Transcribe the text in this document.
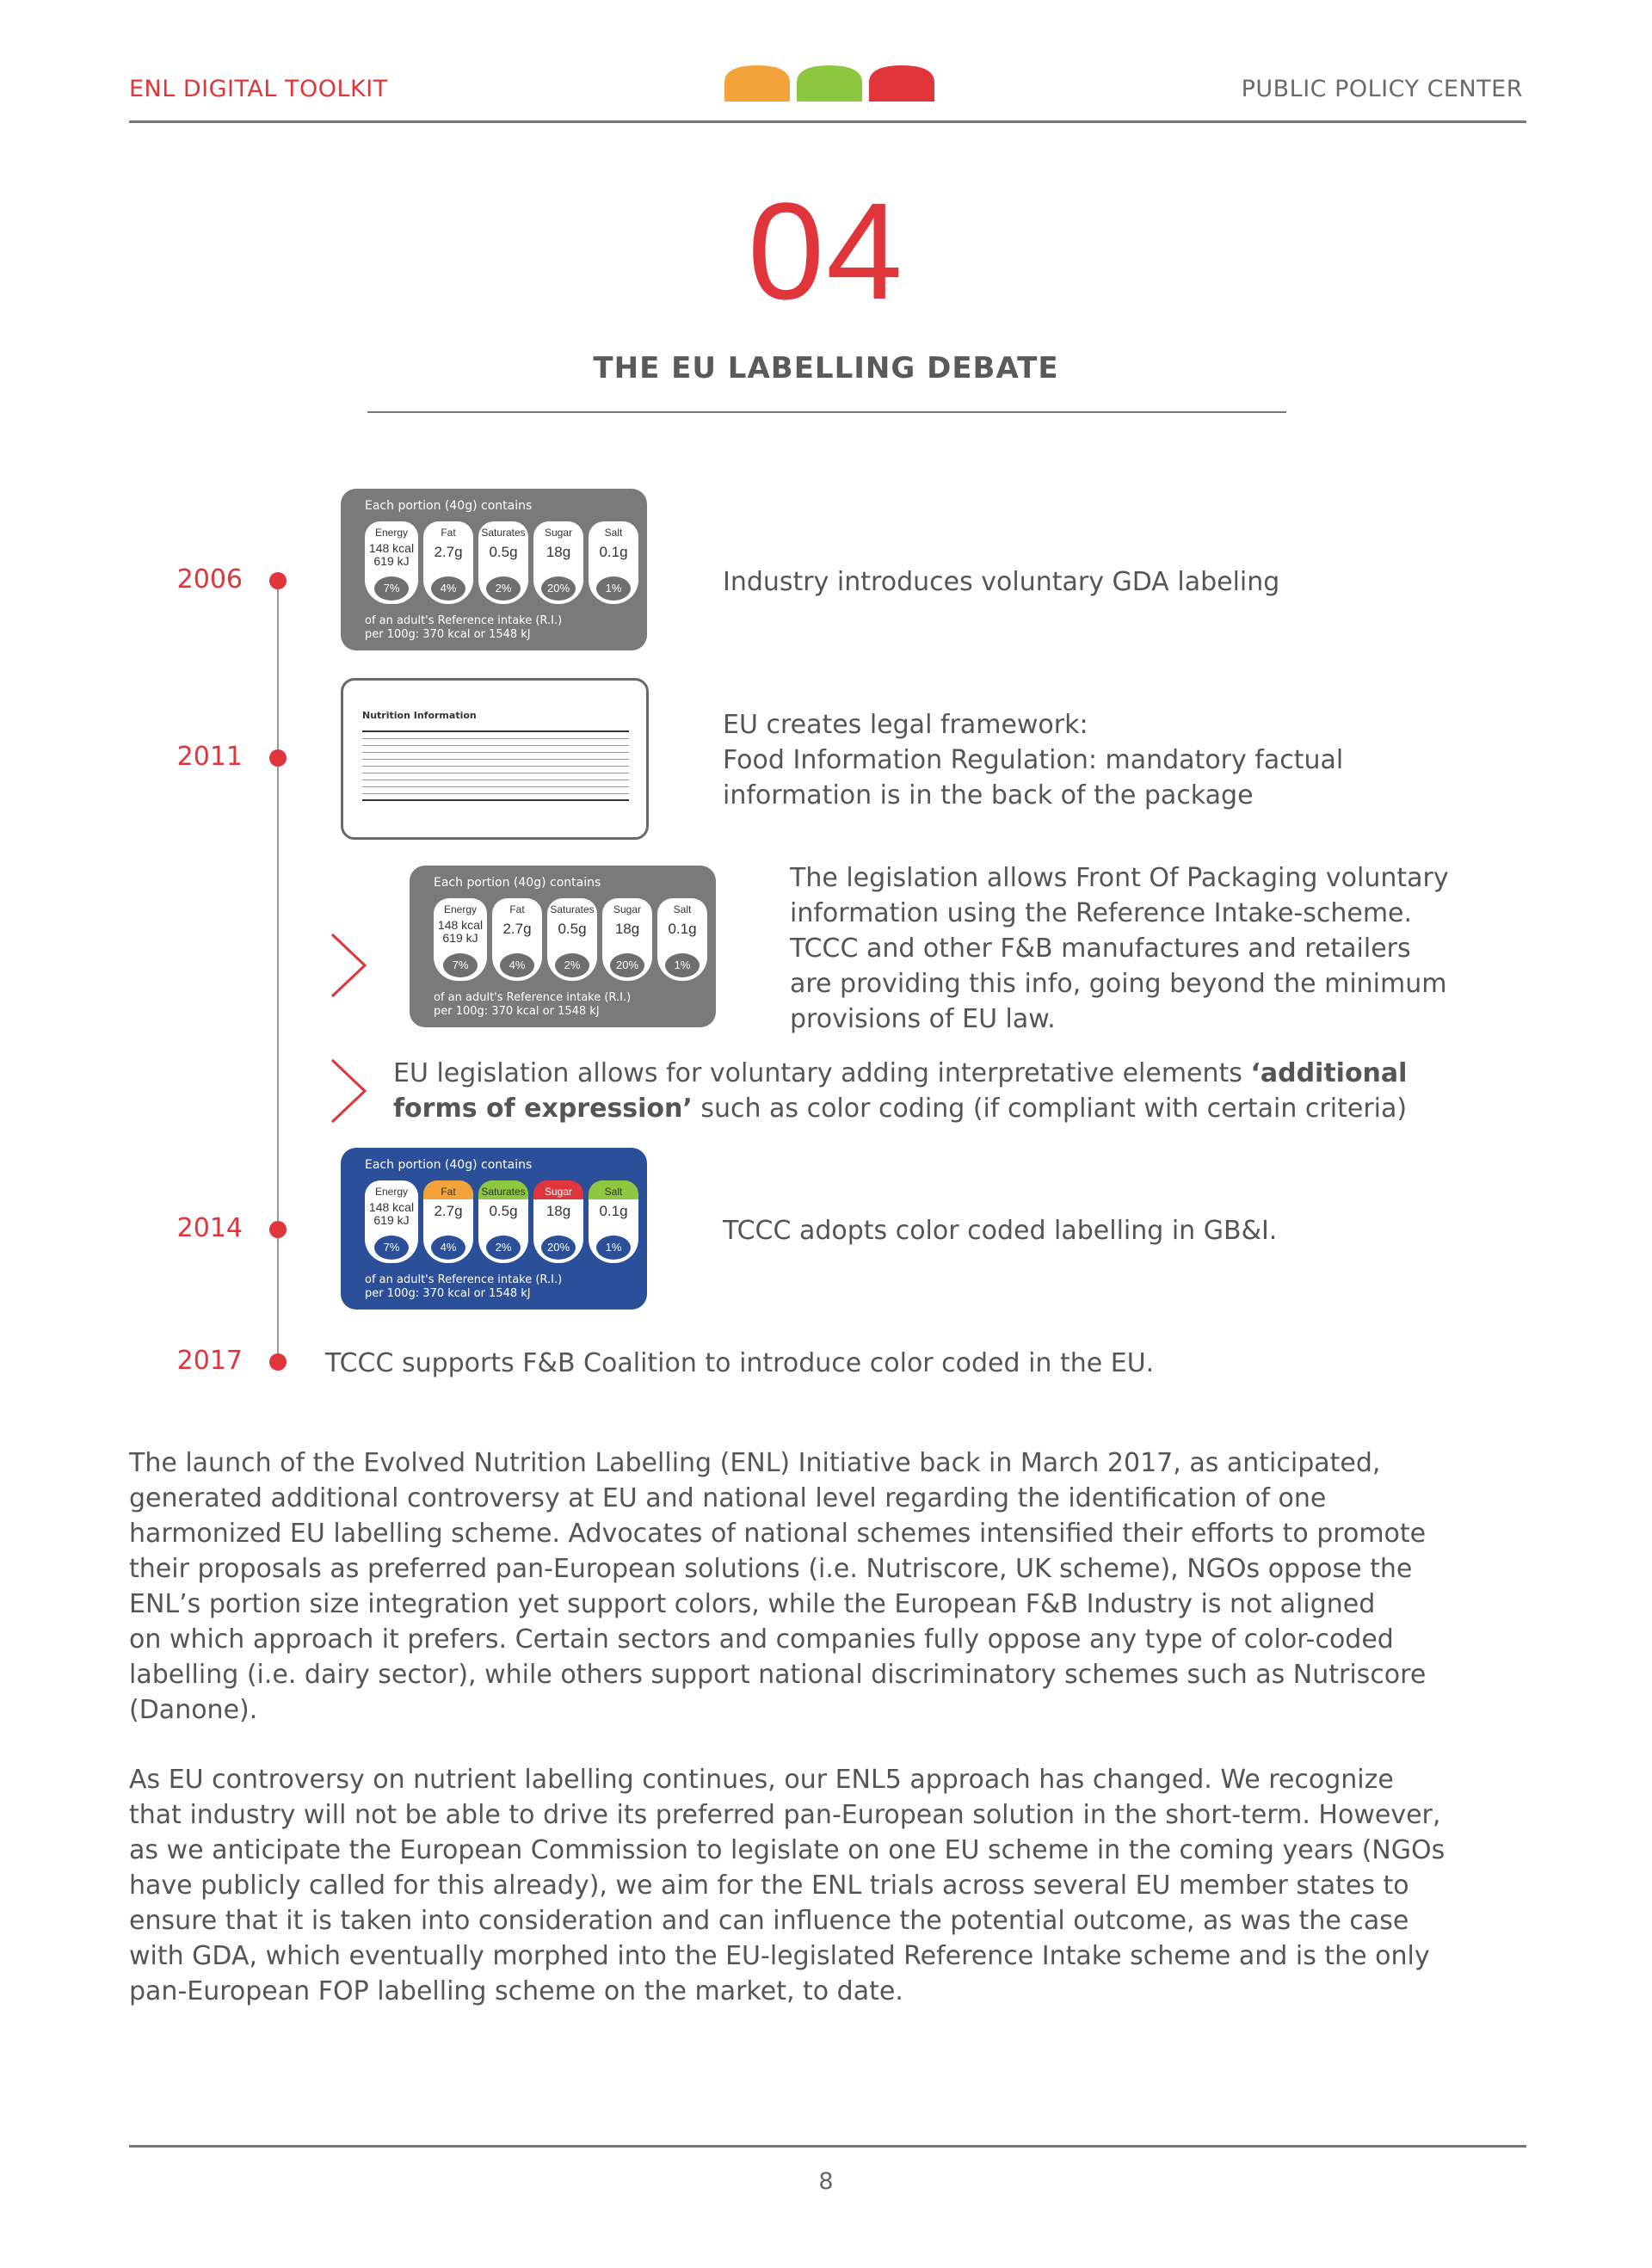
ENL DIGITAL TOOLKIT	PUBLIC POLICY CENTER
04
THE EU LABELLING DEBATE
2006
Each portion (40g) contains
Energy
148 kcal
619 kJ
7%
Fat
2.7g
4%
Saturates
0.5g
2%
Sugar
18g
20%
Salt
0.1g
1%
of an adult's Reference intake (R.I.)
per 100g: 370 kcal or 1548 kJ
Industry introduces voluntary GDA labeling
2011
Nutrition Information	EU creates legal framework:
Food Information Regulation: mandatory factual
information is in the back of the package
Each portion (40g) contains
Energy
148 kcal
619 kJ
7%
Fat
2.7g
4%
Saturates
0.5g
2%
Sugar
18g
20%
Salt
0.1g
1%
of an adult's Reference intake (R.I.)
per 100g: 370 kcal or 1548 kJ
The legislation allows Front Of Packaging voluntary
information using the Reference Intake-scheme.
TCCC and other F&B manufactures and retailers
are providing this info, going beyond the minimum
provisions of EU law.
EU legislation allows for voluntary adding interpretative elements ‘additional
forms of expression’ such as color coding (if compliant with certain criteria)
2014
Each portion (40g) contains
Energy
148 kcal
619 kJ
7%
Fat
2.7g
4%
Saturates
0.5g
2%
Sugar
18g
20%
Salt
0.1g
1%
of an adult's Reference intake (R.I.)
per 100g: 370 kcal or 1548 kJ
TCCC adopts color coded labelling in GB&I.
2017	TCCC supports F&B Coalition to introduce color coded in the EU.
The launch of the Evolved Nutrition Labelling (ENL) Initiative back in March 2017, as anticipated,
generated additional controversy at EU and national level regarding the identification of one
harmonized EU labelling scheme. Advocates of national schemes intensified their efforts to promote
their proposals as preferred pan-European solutions (i.e. Nutriscore, UK scheme), NGOs oppose the
ENL’s portion size integration yet support colors, while the European F&B Industry is not aligned
on which approach it prefers. Certain sectors and companies fully oppose any type of color-coded
labelling (i.e. dairy sector), while others support national discriminatory schemes such as Nutriscore
(Danone).
As EU controversy on nutrient labelling continues, our ENL5 approach has changed. We recognize
that industry will not be able to drive its preferred pan-European solution in the short-term. However,
as we anticipate the European Commission to legislate on one EU scheme in the coming years (NGOs
have publicly called for this already), we aim for the ENL trials across several EU member states to
ensure that it is taken into consideration and can influence the potential outcome, as was the case
with GDA, which eventually morphed into the EU-legislated Reference Intake scheme and is the only
pan-European FOP labelling scheme on the market, to date.
8
